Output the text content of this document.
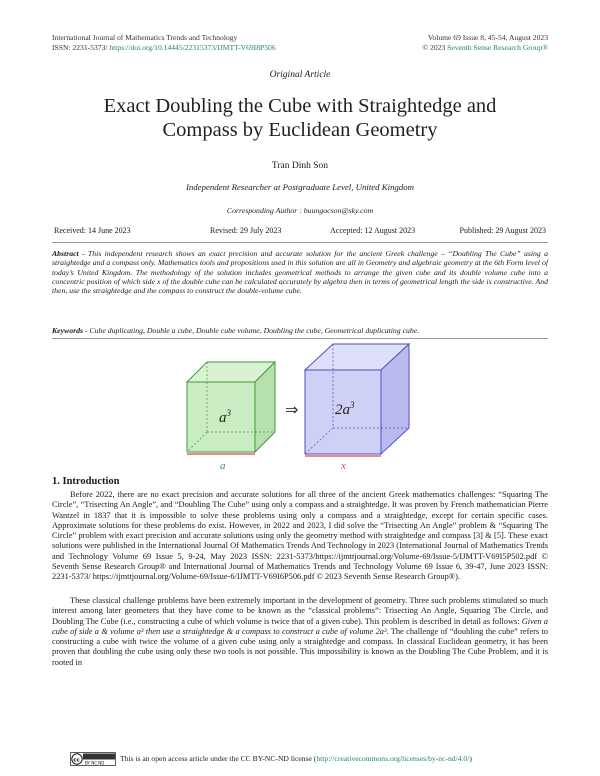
International Journal of Mathematics Trends and Technology
ISSN: 2231-5373/ https://doi.org/10.14445/22315373/IJMTT-V69I8P506
Volume 69 Issue 8, 45-54, August 2023
© 2023 Seventh Sense Research Group®
Original Article
Exact Doubling the Cube with Straightedge and
Compass by Euclidean Geometry
Tran Dinh Son
Independent Researcher at Postgraduate Level, United Kingdom
Corresponding Author : buungocson@sky.com
Received: 14 June 2023	Revised: 29 July 2023	Accepted: 12 August 2023	Published: 29 August 2023
Abstract - This independent research shows an exact precision and accurate solution for the ancient Greek challenge – “Doubling The Cube” using a straightedge and a compass only. Mathematics tools and propositions used in this solution are all in Geometry and algebraic geometry at the 6th Form level of today’s United Kingdom. The methodology of the solution includes geometrical methods to arrange the given cube and its double volume cube into a concentric position of which side x of the double cube can be calculated accurately by algebra then in terms of geometrical length the side is constructive. And then, use the straightedge and the compass to construct the double-volume cube.
Keywords - Cube duplicating, Double a cube, Double cube volume, Doubling the cube, Geometrical duplicating cube.
$a^3$
a
⇒ $2a^3$
x
1. Introduction
Before 2022, there are no exact precision and accurate solutions for all three of the ancient Greek mathematics challenges: “Squaring The Circle”, “Trisecting An Angle”, and “Doubling The Cube” using only a compass and a straightedge. It was proven by French mathematician Pierre Wantzel in 1837 that it is impossible to solve these problems using only a compass and a straightedge, except for certain specific cases. Approximate solutions for these problems do exist. However, in 2022 and 2023, I did solve the “Trisecting An Angle” problem & “Squaring The Circle” problem with exact precision and accurate solutions using only the geometry method with straightedge and compass [3] & [5]. These exact solutions were published in the International Journal Of Mathematics Trends And Technology in 2023 (International Journal of Mathematics Trends and Technology Volume 69 Issue 5, 9-24, May 2023 ISSN: 2231-5373/https://ijmttjournal.org/Volume-69/Issue-5/IJMTT-V69I5P502.pdf © Seventh Sense Research Group® and International Journal of Mathematics Trends and Technology Volume 69 Issue 6, 39-47, June 2023 ISSN: 2231-5373/ https://ijmttjournal.org/Volume-69/Issue-6/IJMTT-V69I6P506.pdf © 2023 Seventh Sense Research Group®).
These classical challenge problems have been extremely important in the development of geometry. Three such problems stimulated so much interest among later geometers that they have come to be known as the “classical problems”: Trisecting An Angle, Squaring The Circle, and Doubling The Cube (i.e., constructing a cube of which volume is twice that of a given cube). This problem is described in detail as follows: Given a cube of side a & volume a³ then use a straightedge & a compass to construct a cube of volume 2a³. The challenge of “doubling the cube” refers to constructing a cube with twice the volume of a given cube using only a straightedge and compass. In classical Euclidean geometry, it has been proven that doubling the cube using only these two tools is not possible. This impossibility is known as the Doubling The Cube Problem, and it is rooted in
cc BY NC ND
This is an open access article under the CC BY-NC-ND license (http://creativecommons.org/licenses/by-nc-nd/4.0/)
